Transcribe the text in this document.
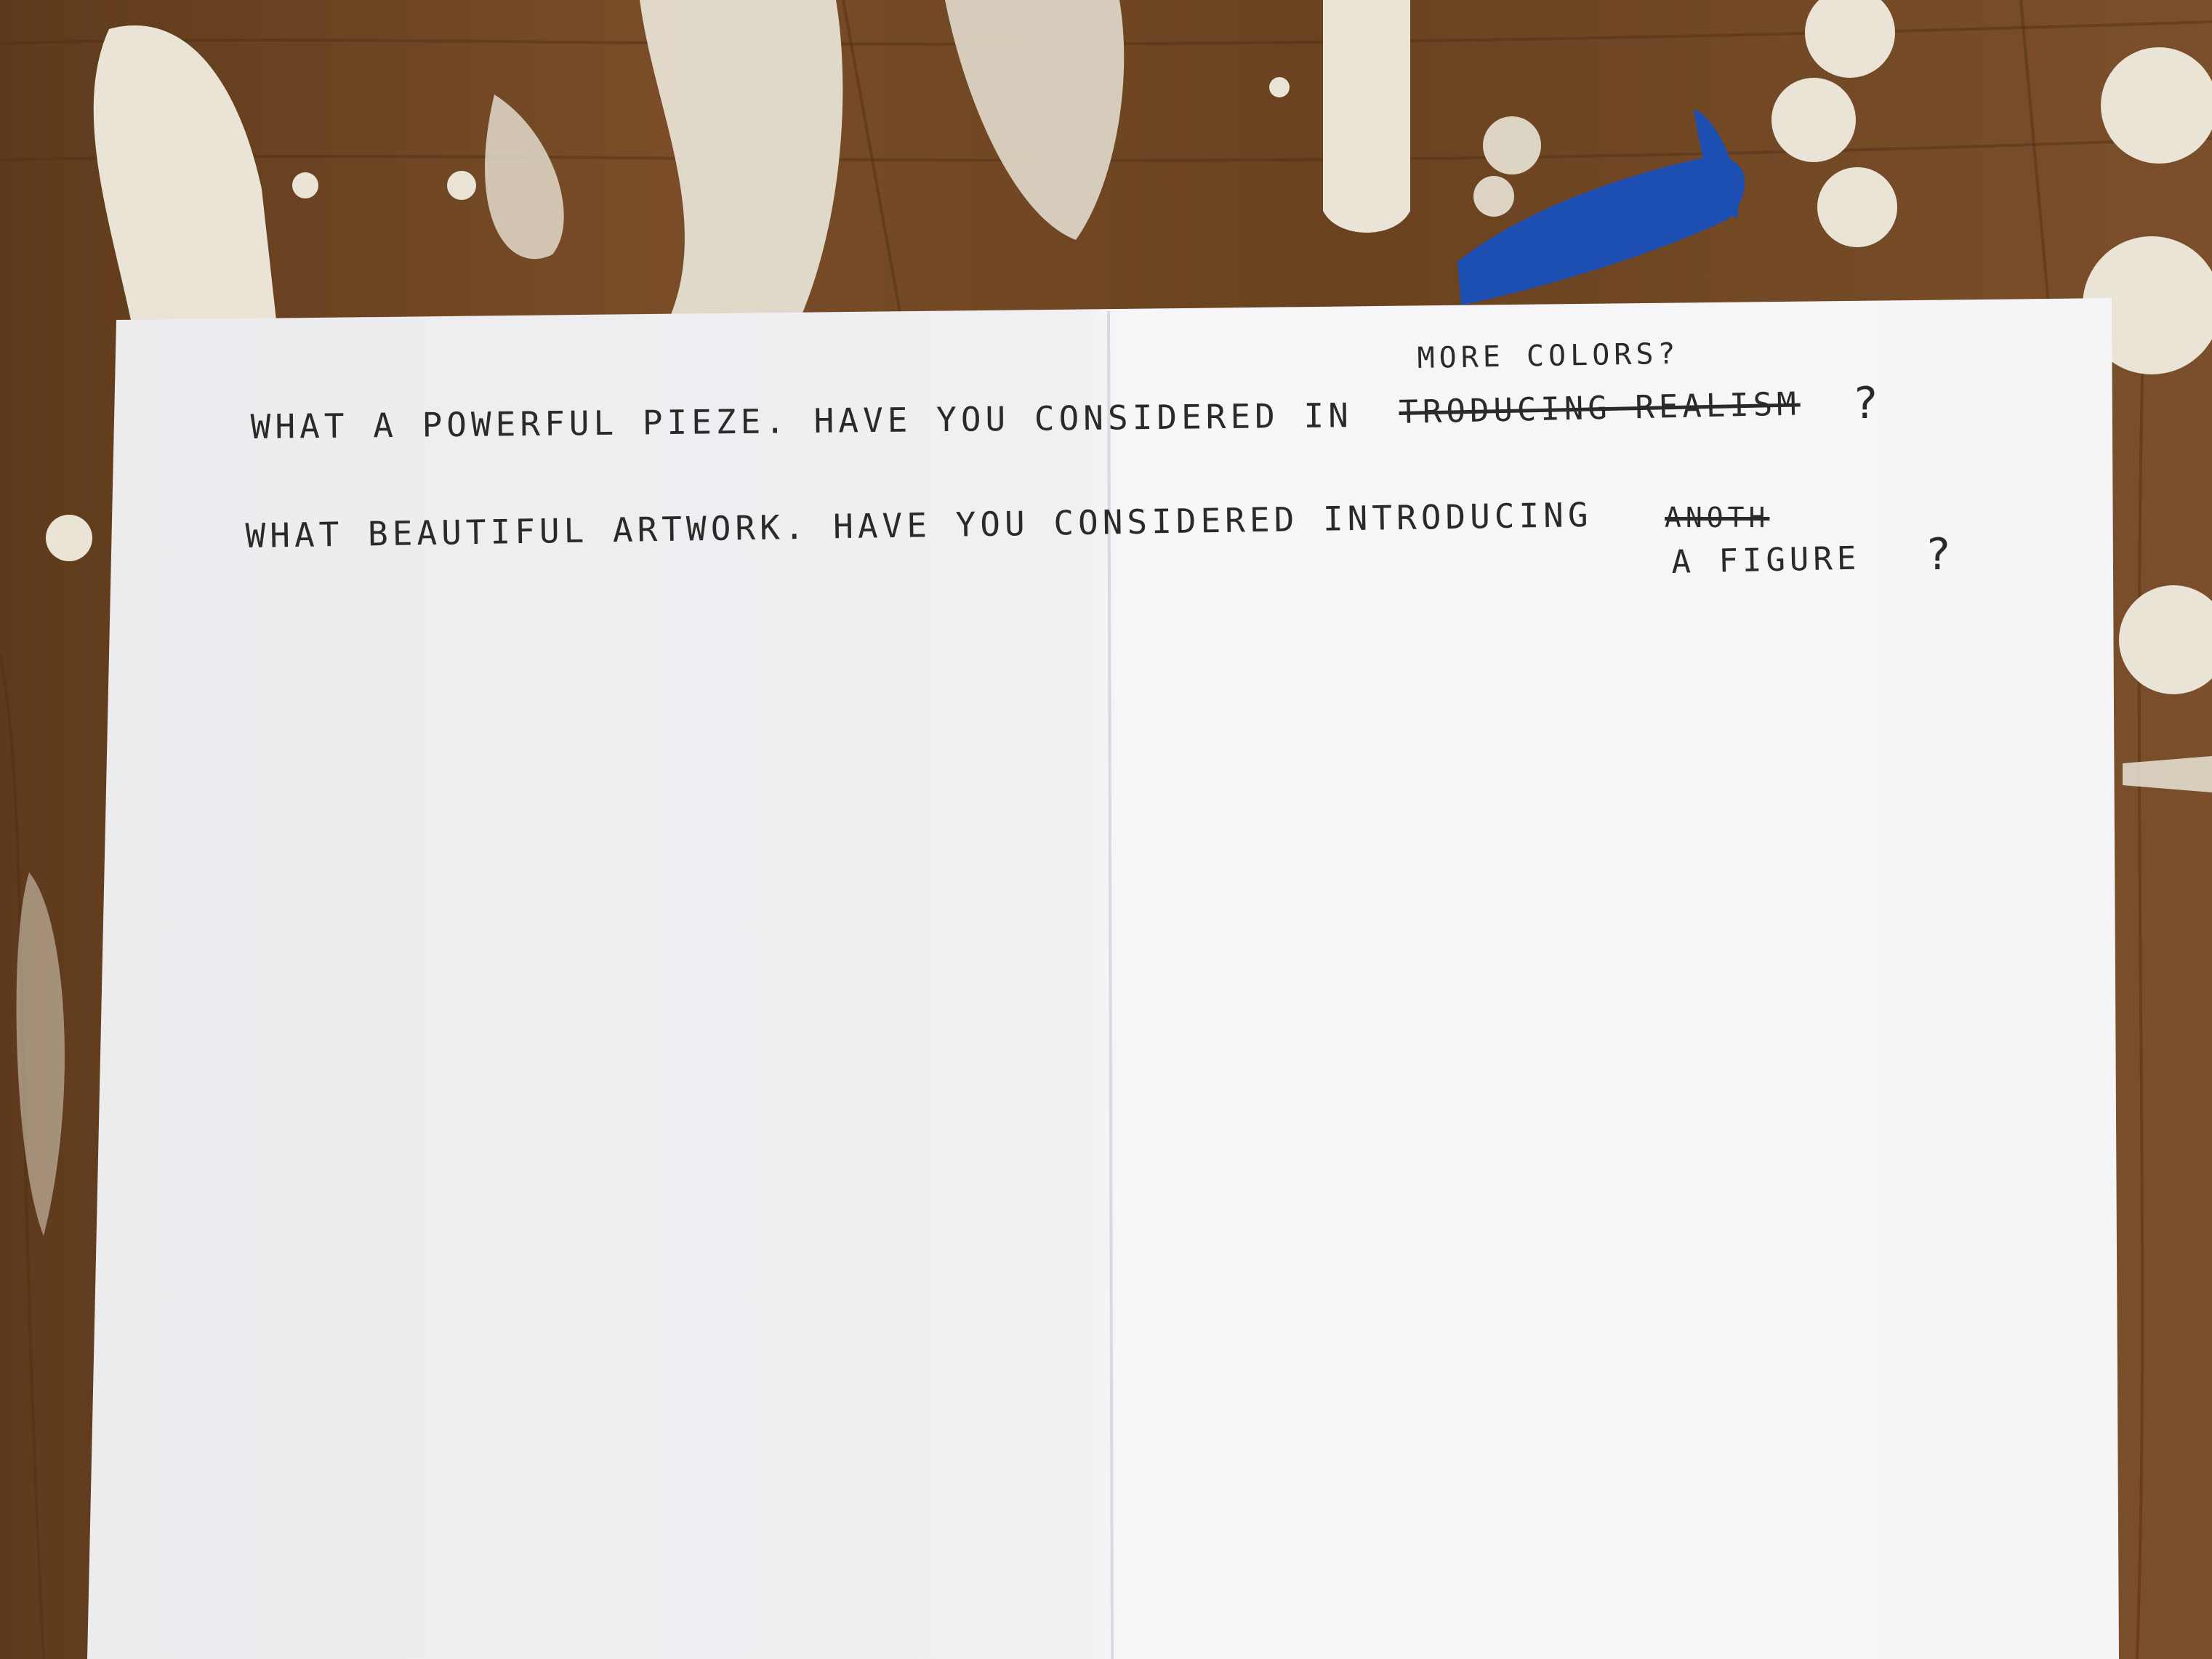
WHAT A POWERFUL PIEZE. HAVE YOU CONSIDERED IN TRODUCING REALISM ?
MORE COLORS?
WHAT BEAUTIFUL ARTWORK. HAVE YOU CONSIDERED INTRODUCING	ANOTH
A FIGURE ?
